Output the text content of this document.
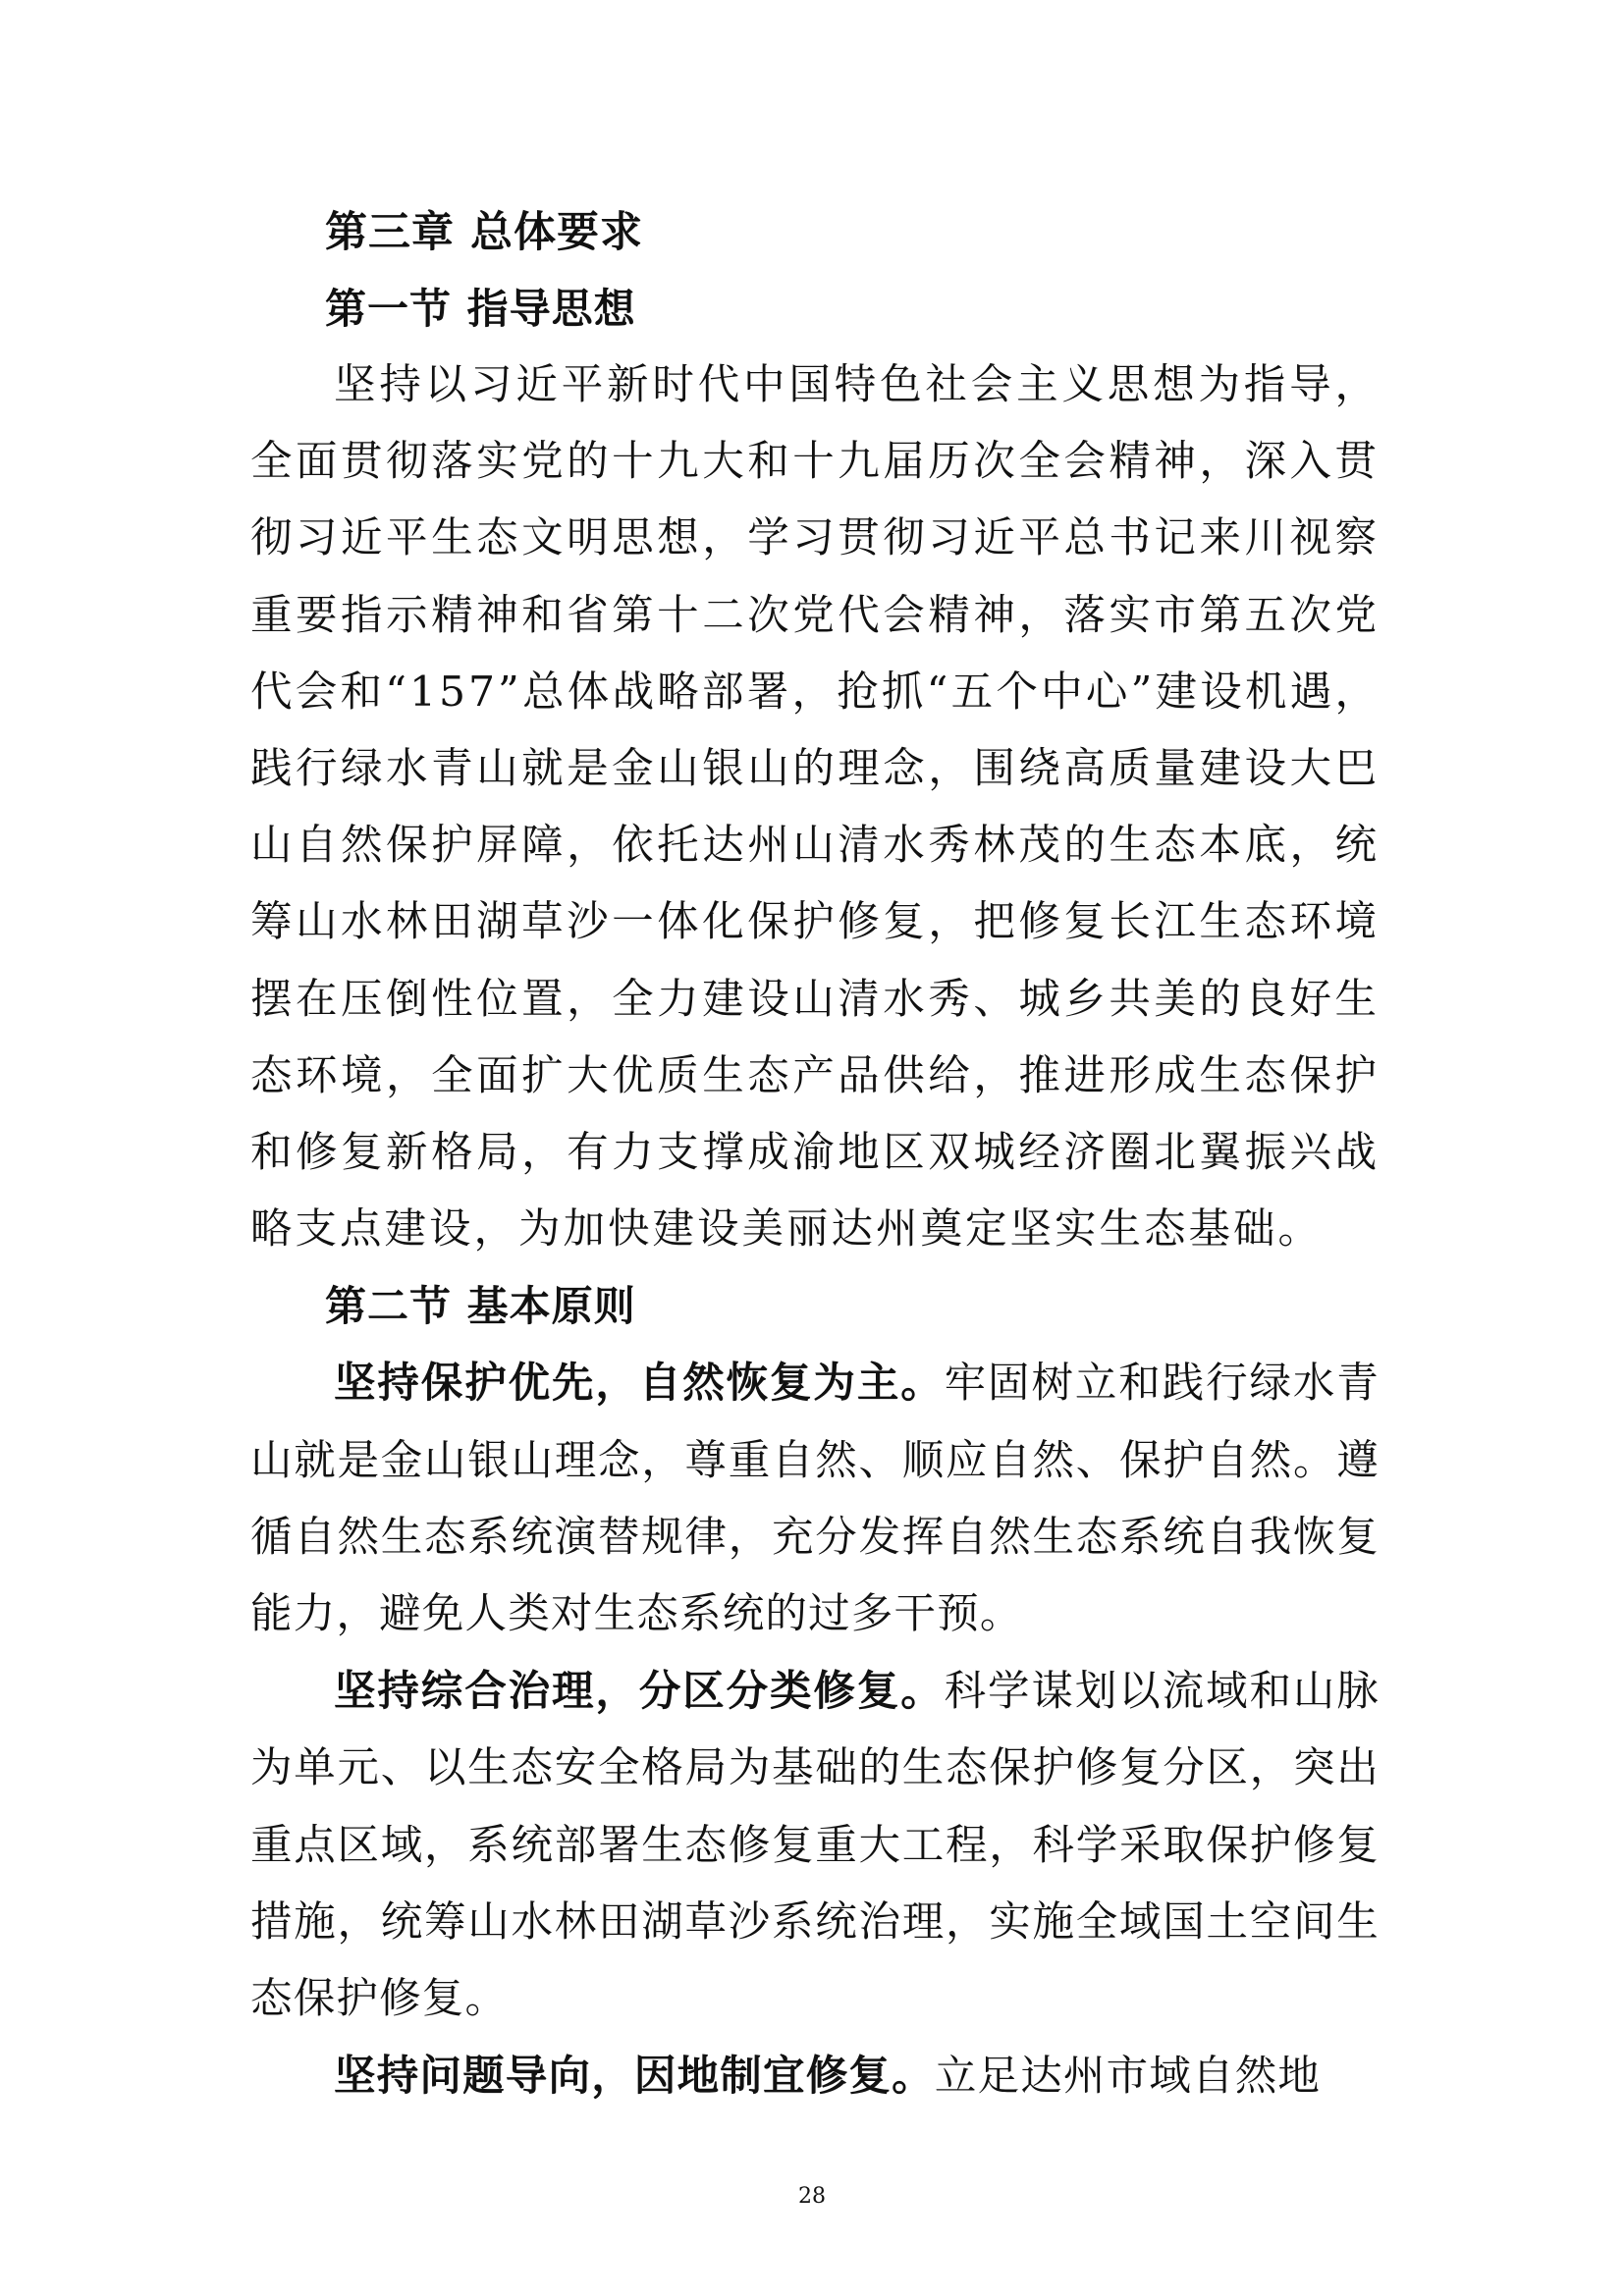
第三章 总体要求
第一节 指导思想

坚持以习近平新时代中国特色社会主义思想为指导，全面贯彻落实党的十九大和十九届历次全会精神，深入贯彻习近平生态文明思想，学习贯彻习近平总书记来川视察重要指示精神和省第十二次党代会精神，落实市第五次党代会和“157”总体战略部署，抢抓“五个中心”建设机遇，践行绿水青山就是金山银山的理念，围绕高质量建设大巴山自然保护屏障，依托达州山清水秀林茂的生态本底，统筹山水林田湖草沙一体化保护修复，把修复长江生态环境摆在压倒性位置，全力建设山清水秀、城乡共美的良好生态环境，全面扩大优质生态产品供给，推进形成生态保护和修复新格局，有力支撑成渝地区双城经济圈北翼振兴战略支点建设，为加快建设美丽达州奠定坚实生态基础。

第二节 基本原则

坚持保护优先，自然恢复为主。牢固树立和践行绿水青山就是金山银山理念，尊重自然、顺应自然、保护自然。遵循自然生态系统演替规律，充分发挥自然生态系统自我恢复能力，避免人类对生态系统的过多干预。

坚持综合治理，分区分类修复。科学谋划以流域和山脉为单元、以生态安全格局为基础的生态保护修复分区，突出重点区域，系统部署生态修复重大工程，科学采取保护修复措施，统筹山水林田湖草沙系统治理，实施全域国土空间生态保护修复。

坚持问题导向，因地制宜修复。立足达州市域自然地

28
